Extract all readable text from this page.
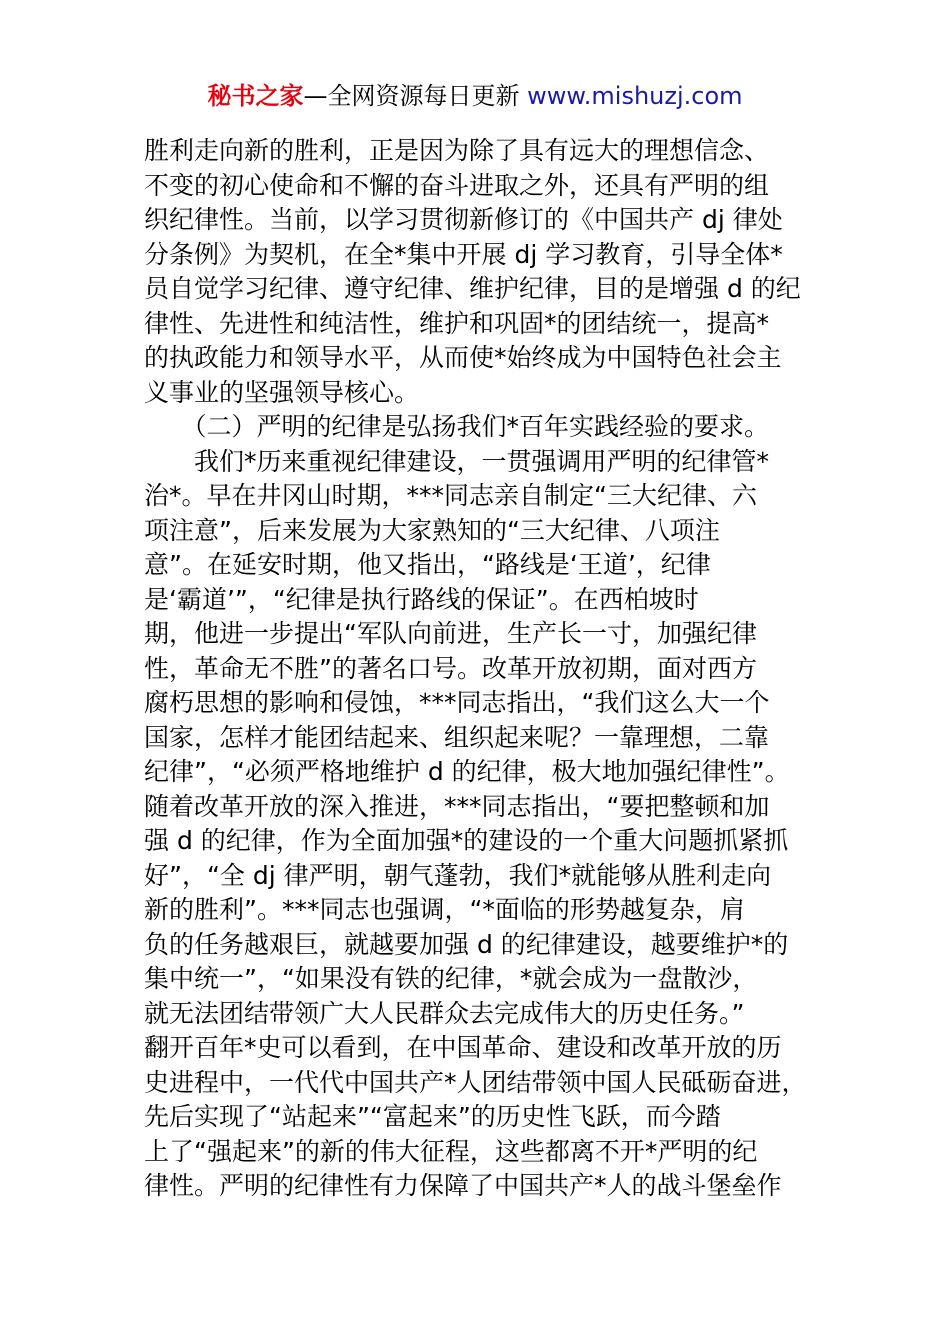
秘书之家—全网资源每日更新 www.mishuzj.com
胜利走向新的胜利，正是因为除了具有远大的理想信念、
不变的初心使命和不懈的奋斗进取之外，还具有严明的组
织纪律性。当前，以学习贯彻新修订的《中国共产 dj 律处
分条例》为契机，在全*集中开展 dj 学习教育，引导全体*
员自觉学习纪律、遵守纪律、维护纪律，目的是增强 d 的纪
律性、先进性和纯洁性，维护和巩固*的团结统一，提高*
的执政能力和领导水平，从而使*始终成为中国特色社会主
义事业的坚强领导核心。
　　（二）严明的纪律是弘扬我们*百年实践经验的要求。
　　我们*历来重视纪律建设，一贯强调用严明的纪律管*
治*。早在井冈山时期，***同志亲自制定“三大纪律、六
项注意”，后来发展为大家熟知的“三大纪律、八项注
意”。在延安时期，他又指出，“路线是‘王道’，纪律
是‘霸道’”，“纪律是执行路线的保证”。在西柏坡时
期，他进一步提出“军队向前进，生产长一寸，加强纪律
性，革命无不胜”的著名口号。改革开放初期，面对西方
腐朽思想的影响和侵蚀，***同志指出，“我们这么大一个
国家，怎样才能团结起来、组织起来呢？一靠理想，二靠
纪律”，“必须严格地维护 d 的纪律，极大地加强纪律性”。
随着改革开放的深入推进，***同志指出，“要把整顿和加
强 d 的纪律，作为全面加强*的建设的一个重大问题抓紧抓
好”，“全 dj 律严明，朝气蓬勃，我们*就能够从胜利走向
新的胜利”。***同志也强调，“*面临的形势越复杂，肩
负的任务越艰巨，就越要加强 d 的纪律建设，越要维护*的
集中统一”，“如果没有铁的纪律，*就会成为一盘散沙，
就无法团结带领广大人民群众去完成伟大的历史任务。”
翻开百年*史可以看到，在中国革命、建设和改革开放的历
史进程中，一代代中国共产*人团结带领中国人民砥砺奋进，
先后实现了“站起来”“富起来”的历史性飞跃，而今踏
上了“强起来”的新的伟大征程，这些都离不开*严明的纪
律性。严明的纪律性有力保障了中国共产*人的战斗堡垒作
